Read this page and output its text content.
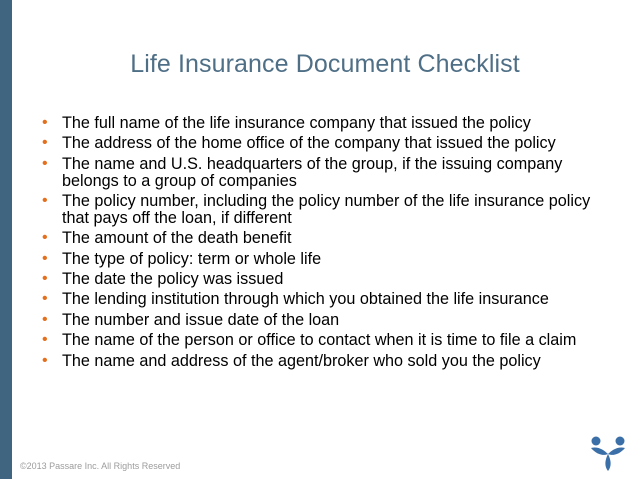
Life Insurance Document Checklist
• The full name of the life insurance company that issued the policy
• The address of the home office of the company that issued the policy
• The name and U.S. headquarters of the group, if the issuing company belongs to a group of companies
• The policy number, including the policy number of the life insurance policy that pays off the loan, if different
• The amount of the death benefit
• The type of policy: term or whole life
• The date the policy was issued
• The lending institution through which you obtained the life insurance
• The number and issue date of the loan
• The name of the person or office to contact when it is time to file a claim
• The name and address of the agent/broker who sold you the policy
©2013 Passare Inc. All Rights Reserved
